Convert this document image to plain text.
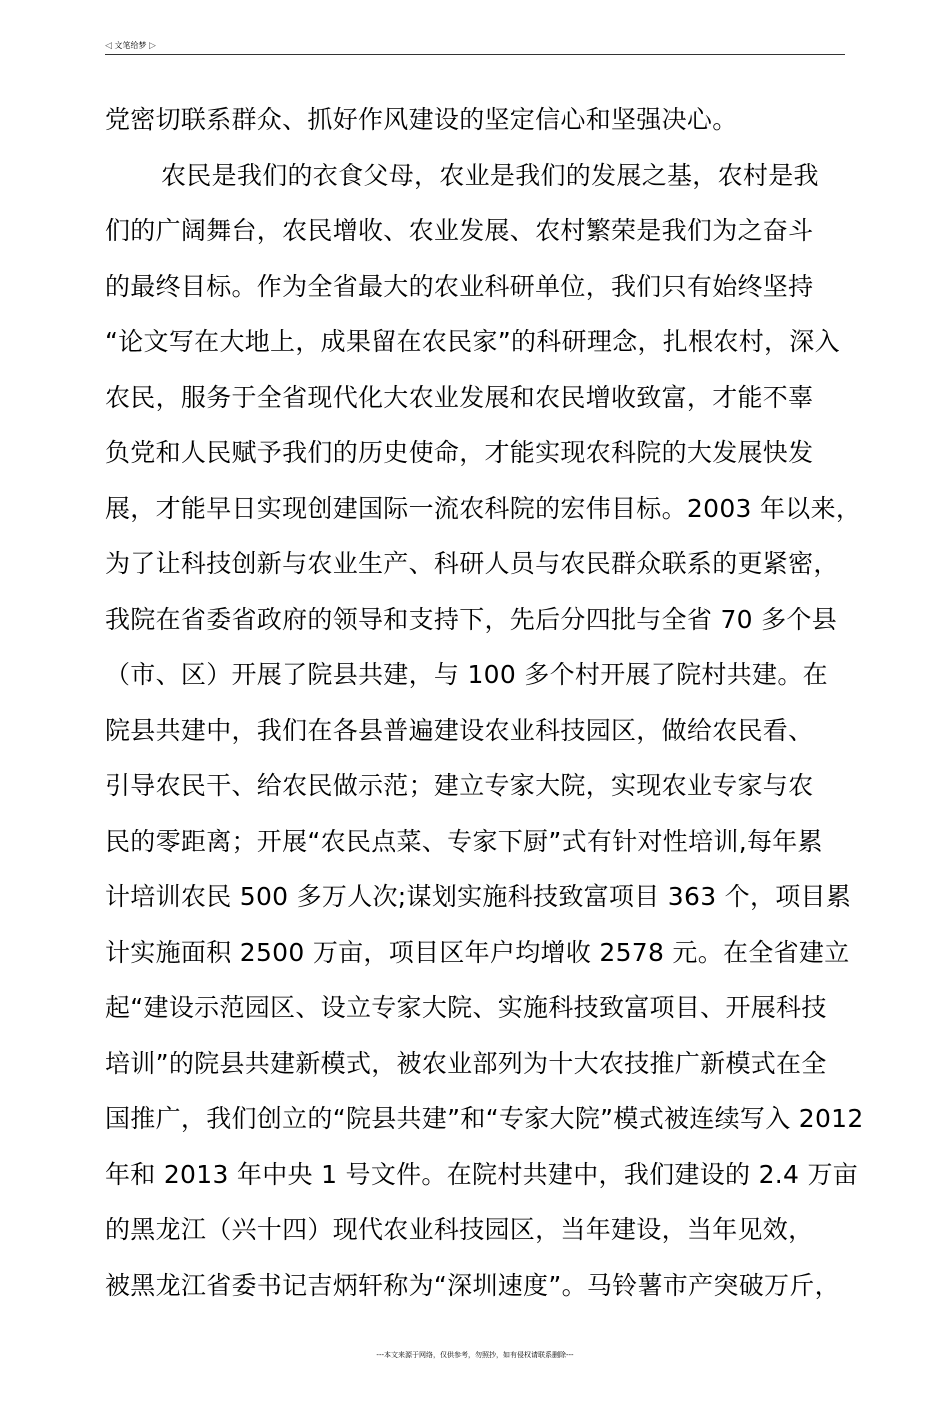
◁ 文笔给梦 ▷
党密切联系群众、抓好作风建设的坚定信心和坚强决心。
农民是我们的衣食父母，农业是我们的发展之基，农村是我
们的广阔舞台，农民增收、农业发展、农村繁荣是我们为之奋斗
的最终目标。作为全省最大的农业科研单位，我们只有始终坚持
“论文写在大地上，成果留在农民家”的科研理念，扎根农村，深入
农民，服务于全省现代化大农业发展和农民增收致富，才能不辜
负党和人民赋予我们的历史使命，才能实现农科院的大发展快发
展，才能早日实现创建国际一流农科院的宏伟目标。2003 年以来，
为了让科技创新与农业生产、科研人员与农民群众联系的更紧密，
我院在省委省政府的领导和支持下，先后分四批与全省 70 多个县
（市、区）开展了院县共建，与 100 多个村开展了院村共建。在
院县共建中，我们在各县普遍建设农业科技园区，做给农民看、
引导农民干、给农民做示范；建立专家大院，实现农业专家与农
民的零距离；开展“农民点菜、专家下厨”式有针对性培训,每年累
计培训农民 500 多万人次;谋划实施科技致富项目 363 个，项目累
计实施面积 2500 万亩，项目区年户均增收 2578 元。在全省建立
起“建设示范园区、设立专家大院、实施科技致富项目、开展科技
培训”的院县共建新模式，被农业部列为十大农技推广新模式在全
国推广，我们创立的“院县共建”和“专家大院”模式被连续写入 2012
年和 2013 年中央 1 号文件。在院村共建中，我们建设的 2.4 万亩
的黑龙江（兴十四）现代农业科技园区，当年建设，当年见效，
被黑龙江省委书记吉炳轩称为“深圳速度”。马铃薯市产突破万斤，
---本文来源于网络，仅供参考，勿照抄，如有侵权请联系删除---
